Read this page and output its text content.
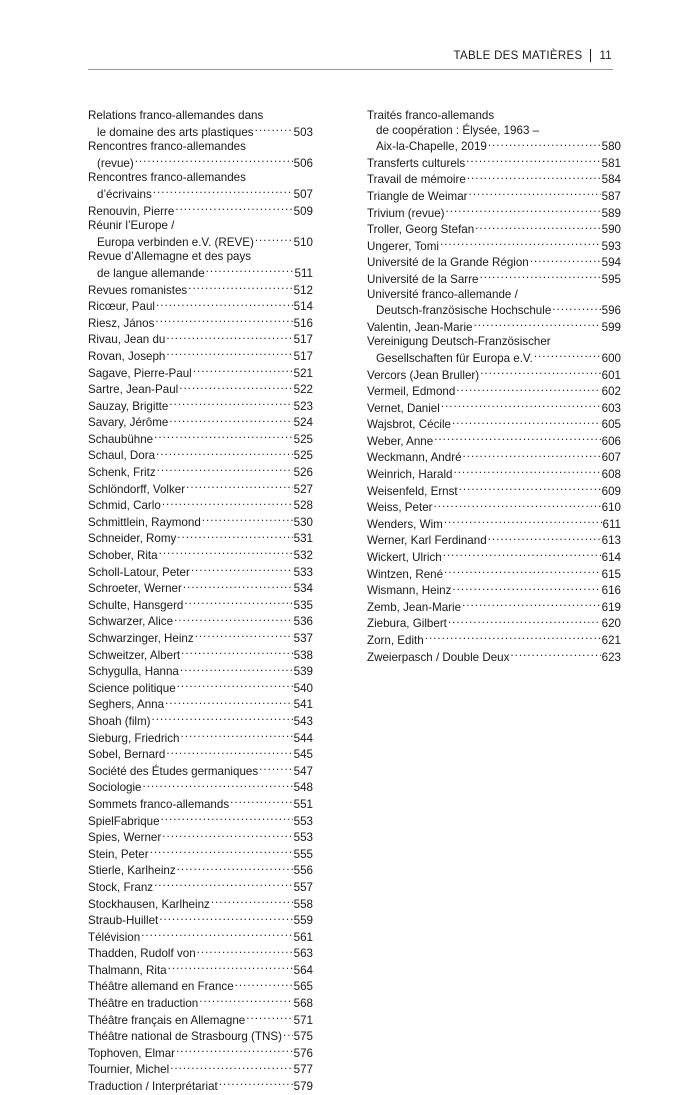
TABLE DES MATIÈRES 11
Relations franco-allemandes dans
le domaine des arts plastiques .....	503
Rencontres franco-allemandes
(revue) .....	506
Rencontres franco-allemandes
d’écrivains .....	507
Renouvin, Pierre .....	509
Réunir l’Europe /
Europa verbinden e.V. (REVE) .....	510
Revue d’Allemagne et des pays
de langue allemande .....	511
Revues romanistes .....	512
Ricœur, Paul .....	514
Riesz, János .....	516
Rivau, Jean du .....	517
Rovan, Joseph .....	517
Sagave, Pierre-Paul .....	521
Sartre, Jean-Paul .....	522
Sauzay, Brigitte .....	523
Savary, Jérôme .....	524
Schaubühne .....	525
Schaul, Dora .....	525
Schenk, Fritz .....	526
Schlöndorff, Volker .....	527
Schmid, Carlo .....	528
Schmittlein, Raymond .....	530
Schneider, Romy .....	531
Schober, Rita .....	532
Scholl-Latour, Peter .....	533
Schroeter, Werner .....	534
Schulte, Hansgerd .....	535
Schwarzer, Alice .....	536
Schwarzinger, Heinz .....	537
Schweitzer, Albert .....	538
Schygulla, Hanna .....	539
Science politique .....	540
Seghers, Anna .....	541
Shoah (film) .....	543
Sieburg, Friedrich .....	544
Sobel, Bernard .....	545
Société des Études germaniques .....	547
Sociologie .....	548
Sommets franco-allemands .....	551
SpielFabrique .....	553
Spies, Werner .....	553
Stein, Peter .....	555
Stierle, Karlheinz .....	556
Stock, Franz .....	557
Stockhausen, Karlheinz .....	558
Straub-Huillet .....	559
Télévision .....	561
Thadden, Rudolf von .....	563
Thalmann, Rita .....	564
Théâtre allemand en France .....	565
Théâtre en traduction .....	568
Théâtre français en Allemagne .....	571
Théâtre national de Strasbourg (TNS) ..... 575
Tophoven, Elmar .....	576
Tournier, Michel .....	577
Traduction / Interprétariat .....	579
Traités franco-allemands
de coopération : Élysée, 1963 –
Aix-la-Chapelle, 2019 .....	580
Transferts culturels .....	581
Travail de mémoire .....	584
Triangle de Weimar .....	587
Trivium (revue) .....	589
Troller, Georg Stefan .....	590
Ungerer, Tomi .....	593
Université de la Grande Région .....	594
Université de la Sarre .....	595
Université franco-allemande /
Deutsch-französische Hochschule .....	596
Valentin, Jean-Marie .....	599
Vereinigung Deutsch-Französischer
Gesellschaften für Europa e.V. .....	600
Vercors (Jean Bruller) .....	601
Vermeil, Edmond .....	602
Vernet, Daniel .....	603
Wajsbrot, Cécile .....	605
Weber, Anne .....	606
Weckmann, André .....	607
Weinrich, Harald .....	608
Weisenfeld, Ernst .....	609
Weiss, Peter .....	610
Wenders, Wim .....	611
Werner, Karl Ferdinand .....	613
Wickert, Ulrich .....	614
Wintzen, René .....	615
Wismann, Heinz .....	616
Zemb, Jean-Marie .....	619
Ziebura, Gilbert .....	620
Zorn, Edith .....	621
Zweierpasch / Double Deux .....	623
